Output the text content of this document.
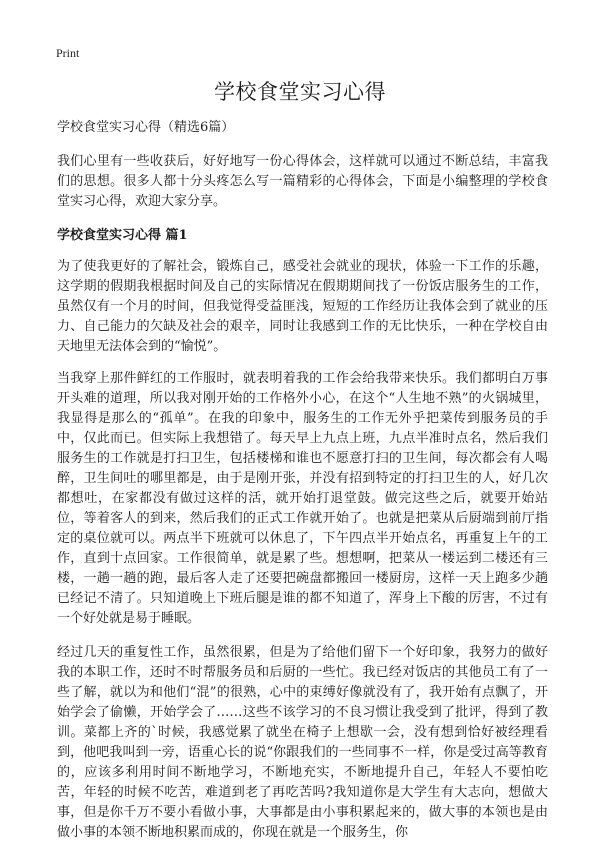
Print
学校食堂实习心得

学校食堂实习心得（精选6篇）

我们心里有一些收获后，好好地写一份心得体会，这样就可以通过不断总结，丰富我们的思想。很多人都十分头疼怎么写一篇精彩的心得体会，下面是小编整理的学校食堂实习心得，欢迎大家分享。

学校食堂实习心得 篇1

为了使我更好的了解社会，锻炼自己，感受社会就业的现状，体验一下工作的乐趣，这学期的假期我根据时间及自己的实际情况在假期期间找了一份饭店服务生的工作，虽然仅有一个月的时间，但我觉得受益匪浅，短短的工作经历让我体会到了就业的压力、自己能力的欠缺及社会的艰辛，同时让我感到工作的无比快乐，一种在学校自由天地里无法体会到的“愉悦”。

当我穿上那件鲜红的工作服时，就表明着我的工作会给我带来快乐。我们都明白万事开头难的道理，所以我对刚开始的工作格外小心，在这个“人生地不熟”的火锅城里，我显得是那么的“孤单”。在我的印象中，服务生的工作无外乎把菜传到服务员的手中，仅此而已。但实际上我想错了。每天早上九点上班，九点半准时点名，然后我们服务生的工作就是打扫卫生，包括楼梯和谁也不愿意打扫的卫生间，每次都会有人喝醉，卫生间吐的哪里都是，由于是刚开张，并没有招到特定的打扫卫生的人，好几次都想吐，在家都没有做过这样的活，就开始打退堂鼓。做完这些之后，就要开始站位，等着客人的到来，然后我们的正式工作就开始了。也就是把菜从后厨端到前厅指定的桌位就可以。两点半下班就可以休息了，下午四点半开始点名，再重复上午的工作，直到十点回家。工作很简单，就是累了些。想想啊，把菜从一楼运到二楼还有三楼，一趟一趟的跑，最后客人走了还要把碗盘都搬回一楼厨房，这样一天上跑多少趟已经记不清了。只知道晚上下班后腿是谁的都不知道了，浑身上下酸的厉害，不过有一个好处就是易于睡眠。

经过几天的重复性工作，虽然很累，但是为了给他们留下一个好印象，我努力的做好我的本职工作，还时不时帮服务员和后厨的一些忙。我已经对饭店的其他员工有了一些了解，就以为和他们“混”的很熟，心中的束缚好像就没有了，我开始有点飘了，开始学会了偷懒，开始学会了……这些不该学习的不良习惯让我受到了批评，得到了教训。菜都上齐的`时候，我感觉累了就坐在椅子上想歇一会，没有想到恰好被经理看到，他吧我叫到一旁，语重心长的说“你跟我们的一些同事不一样，你是受过高等教育的，应该多利用时间不断地学习，不断地充实，不断地提升自己，年轻人不要怕吃苦，年轻的时候不吃苦，难道到老了再吃苦吗?我知道你是大学生有大志向，想做大事，但是你千万不要小看做小事，大事都是由小事积累起来的，做大事的本领也是由做小事的本领不断地积累而成的，你现在就是一个服务生，你
